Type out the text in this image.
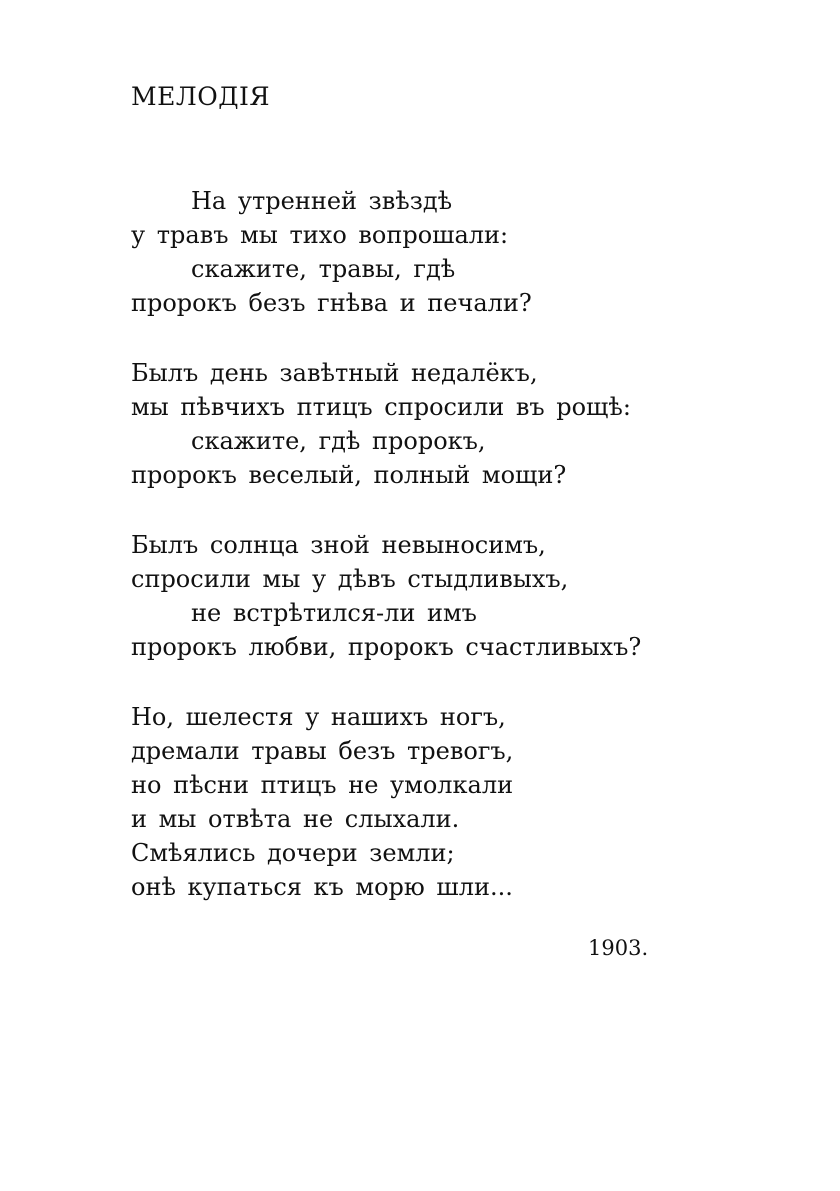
МЕЛОДІЯ
На утренней звѣздѣ
у травъ мы тихо вопрошали:
скажите, травы, гдѣ
пророкъ безъ гнѣва и печали?
Былъ день завѣтный недалёкъ,
мы пѣвчихъ птицъ спросили въ рощѣ:
скажите, гдѣ пророкъ,
пророкъ веселый, полный мощи?
Былъ солнца зной невыносимъ,
спросили мы у дѣвъ стыдливыхъ,
не встрѣтился-ли имъ
пророкъ любви, пророкъ счастливыхъ?
Но, шелестя у нашихъ ногъ,
дремали травы безъ тревогъ,
но пѣсни птицъ не умолкали
и мы отвѣта не слыхали.
Смѣялись дочери земли;
онѣ купаться къ морю шли...
1903.
